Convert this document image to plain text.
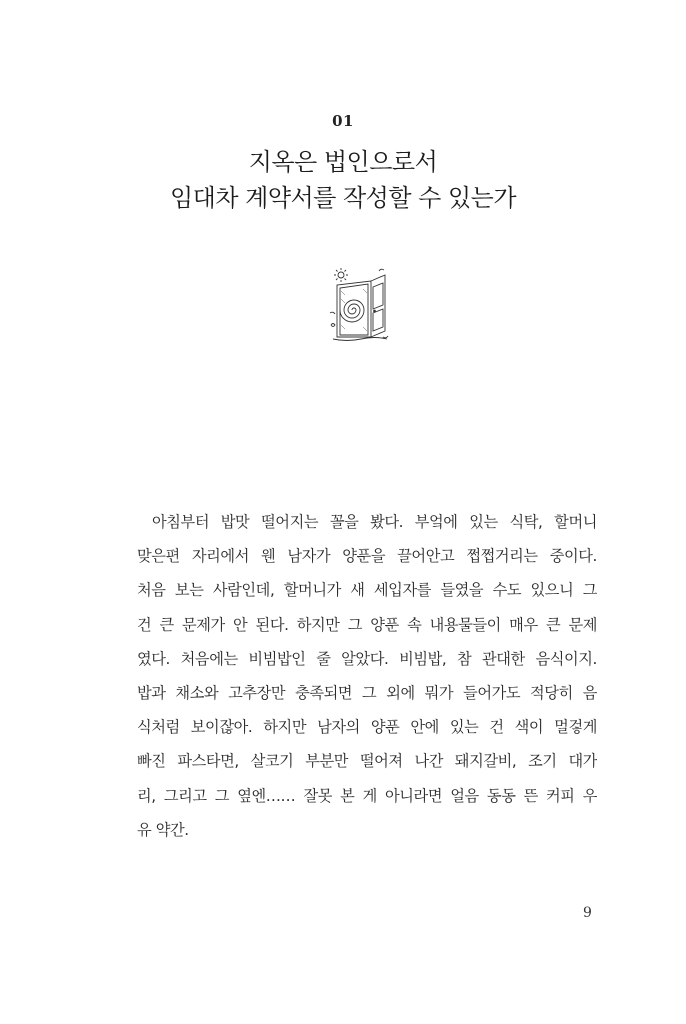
01
지옥은 법인으로서
임대차 계약서를 작성할 수 있는가
아침부터 밥맛 떨어지는 꼴을 봤다. 부엌에 있는 식탁, 할머니
맞은편 자리에서 웬 남자가 양푼을 끌어안고 쩝쩝거리는 중이다.
처음 보는 사람인데, 할머니가 새 세입자를 들였을 수도 있으니 그
건 큰 문제가 안 된다. 하지만 그 양푼 속 내용물들이 매우 큰 문제
였다. 처음에는 비빔밥인 줄 알았다. 비빔밥, 참 관대한 음식이지.
밥과 채소와 고추장만 충족되면 그 외에 뭐가 들어가도 적당히 음
식처럼 보이잖아. 하지만 남자의 양푼 안에 있는 건 색이 멀겋게
빠진 파스타면, 살코기 부분만 떨어져 나간 돼지갈비, 조기 대가
리, 그리고 그 옆엔…… 잘못 본 게 아니라면 얼음 동동 뜬 커피 우
유 약간.
9
